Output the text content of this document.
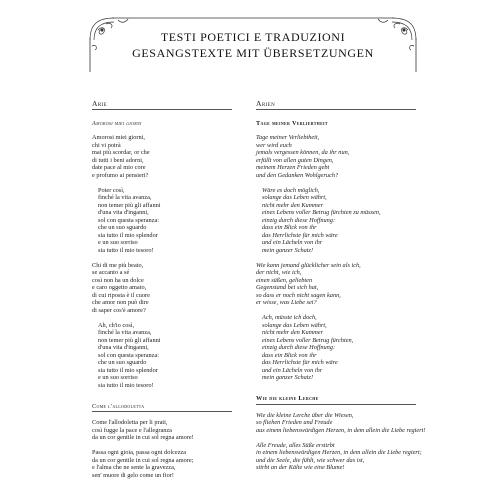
TESTI POETICI E TRADUZIONI
GESANGSTEXTE MIT ÜBERSETZUNGEN
Arie
Amorosi miei giorni
Amorosi miei giorni,
chi vi potrà
mai più scordar, or che
di tutti i beni adorni,
date pace al mio core
e profumo ai pensieri?
Poter così,
finché la vita avanza,
non temer più gli affanni
d'una vita d'inganni,
sol con questa speranza:
che un suo sguardo
sia tutto il mio splendor
e un suo sorriso
sia tutto il mio tesoro!
Chi di me più beato,
se accanto a sé
così non ha un dolce
e caro oggetto amato,
di cui riposta è il cuore
che amor non può dire
di saper cos'è amore?
Ah, ch'io così,
finché la vita avanza,
non temer più gli affanni
d'una vita d'inganni,
sol con questa speranza:
che un suo sguardo
sia tutto il mio splendor
e un suo sorriso
sia tutto il mio tesoro!
Come l'allodoletta
Come l'allodoletta per li prati,
così fugge la pace e l'allegranza
da un cor gentile in cui sol regna amore!
Passa ogni gioia, passa ogni dolcezza
da un cor gentile in cui sol regna amore;
e l'alma che ne sente la gravezza,
sen' muore di gelo come un fior!
Arien
Tage meiner Verliebtheit
Tage meiner Verliebtheit,
wer wird euch
jemals vergessen können, da ihr nun,
erfüllt von allen guten Dingen,
meinem Herzen Frieden gebt
und den Gedanken Wohlgeruch?
Wäre es doch möglich,
solange das Leben währt,
nicht mehr den Kummer
eines Lebens voller Betrug fürchten zu müssen,
einzig durch diese Hoffnung:
dass ein Blick von ihr
das Herrlichste für mich wäre
und ein Lächeln von ihr
mein ganzer Schatz!
Wie kann jemand glücklicher sein als ich,
der nicht, wie ich,
einen süßen, geliebten
Gegenstand bei sich hat,
so dass er noch nicht sagen kann,
er wisse, was Liebe sei?
Ach, müsste ich doch,
solange das Leben währt,
nicht mehr den Kummer
eines Lebens voller Betrug fürchten,
einzig durch diese Hoffnung:
dass ein Blick von ihr
das Herrlichste für mich wäre
und ein Lächeln von ihr
mein ganzer Schatz!
Wie die kleine Lerche
Wie die kleine Lerche über die Wiesen,
so fliehen Frieden und Freude
aus einem liebenswürdigen Herzen, in dem allein die Liebe regiert!
Alle Freude, alles Süße erstirbt
in einem liebenswürdigen Herzen, in dem allein die Liebe regiert;
und die Seele, die fühlt, wie schwer das ist,
stirbt an der Kälte wie eine Blume!
